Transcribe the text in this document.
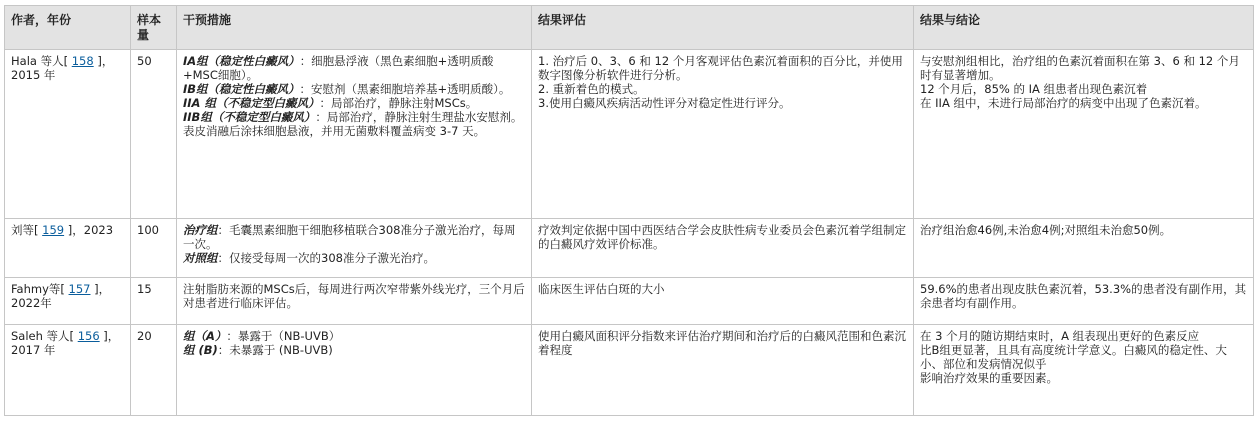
作者，年份	样本量	干预措施	结果评估	结果与结论
Hala 等人[ 158 ]，2015 年	50	IA组（稳定性白癜风）：细胞悬浮液（黑色素细胞+透明质酸+MSC细胞）。
IB组（稳定性白癜风）：安慰剂（黑素细胞培养基+透明质酸）。
IIA 组（不稳定型白癜风）：局部治疗，静脉注射MSCs。
IIB组（不稳定型白癜风）：局部治疗，静脉注射生理盐水安慰剂。
表皮消融后涂抹细胞悬液，并用无菌敷料覆盖病变 3-7 天。	1. 治疗后 0、3、6 和 12 个月客观评估色素沉着面积的百分比，并使用数字图像分析软件进行分析。
2. 重新着色的模式。
3.使用白癜风疾病活动性评分对稳定性进行评分。	与安慰剂组相比，治疗组的色素沉着面积在第 3、6 和 12 个月时有显著增加。
12 个月后，85% 的 IA 组患者出现色素沉着
在 IIA 组中，未进行局部治疗的病变中出现了色素沉着。

刘等[ 159 ]，2023	100	治疗组：毛囊黑素细胞干细胞移植联合308准分子激光治疗，每周一次。
对照组：仅接受每周一次的308准分子激光治疗。	疗效判定依据中国中西医结合学会皮肤性病专业委员会色素沉着学组制定的白癜风疗效评价标准。	治疗组治愈46例,未治愈4例;对照组未治愈50例。

Fahmy等[ 157 ]，2022年	15	注射脂肪来源的MSCs后，每周进行两次窄带紫外线光疗，三个月后对患者进行临床评估。	临床医生评估白斑的大小	59.6%的患者出现皮肤色素沉着，53.3%的患者没有副作用，其余患者均有副作用。

Saleh 等人[ 156 ]，2017 年	20	组（A）：暴露于（NB-UVB）
组 (B)：未暴露于 (NB-UVB)	使用白癜风面积评分指数来评估治疗期间和治疗后的白癜风范围和色素沉着程度	在 3 个月的随访期结束时，A 组表现出更好的色素反应
比B组更显著，且具有高度统计学意义。白癜风的稳定性、大小、部位和发病情况似乎
影响治疗效果的重要因素。
